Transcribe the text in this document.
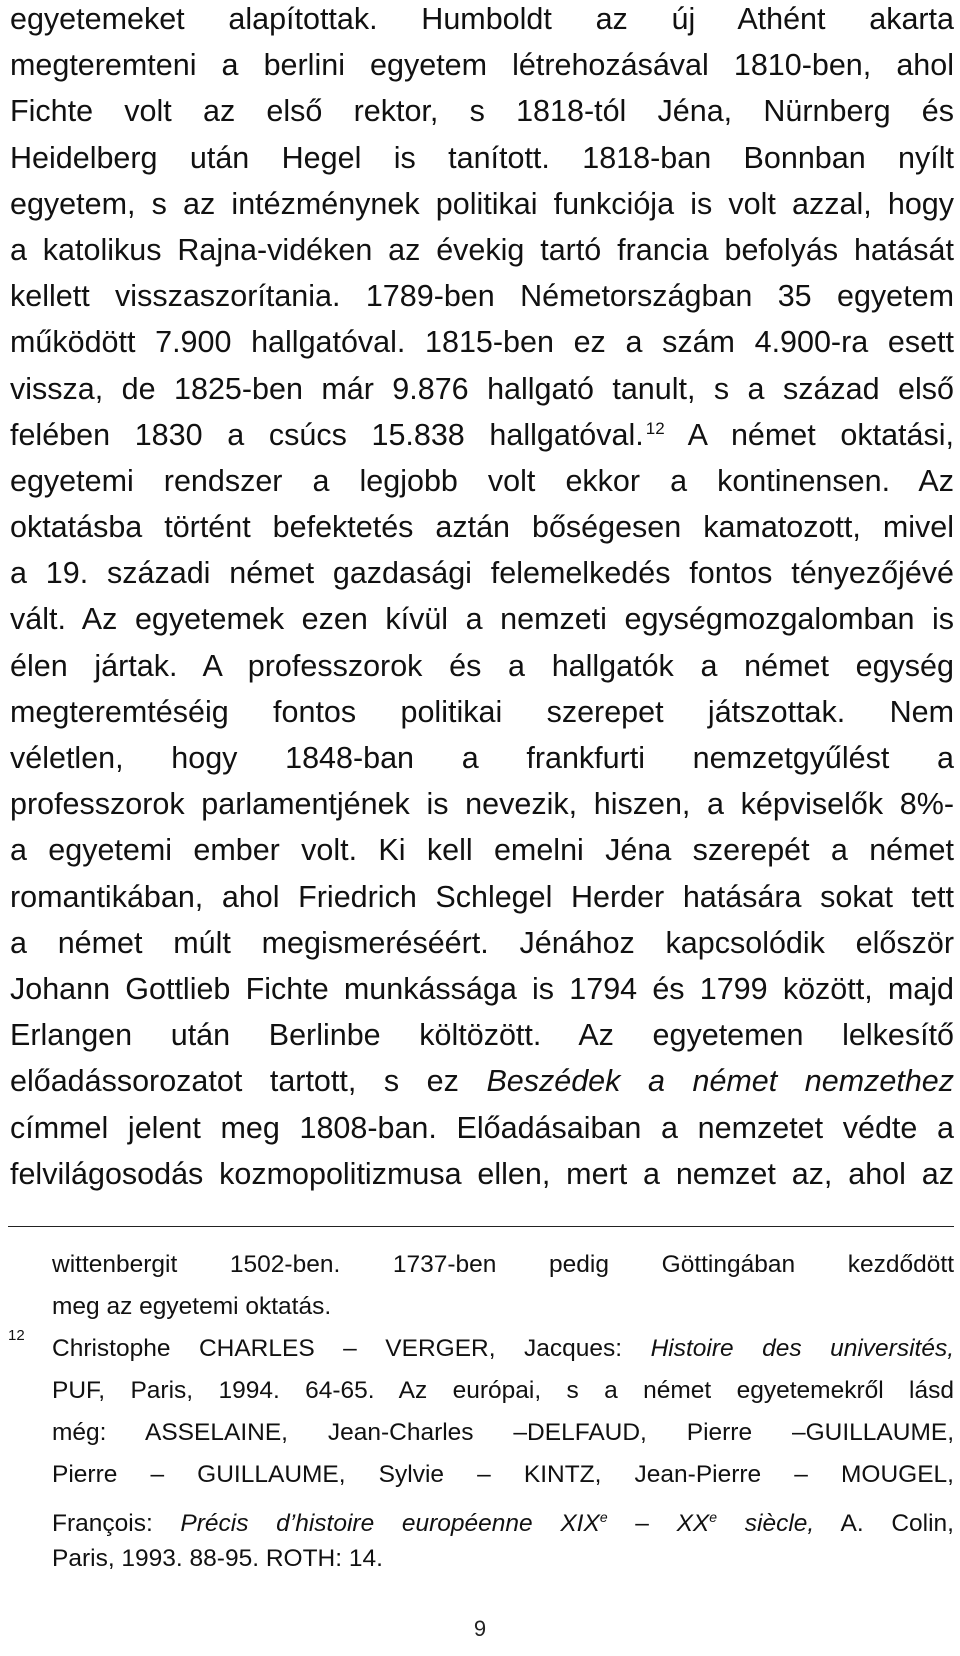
egyetemeket alapítottak. Humboldt az új Athént akarta
megteremteni a berlini egyetem létrehozásával 1810-ben, ahol
Fichte volt az első rektor, s 1818-tól Jéna, Nürnberg és
Heidelberg után Hegel is tanított. 1818-ban Bonnban nyílt
egyetem, s az intézménynek politikai funkciója is volt azzal, hogy
a katolikus Rajna-vidéken az évekig tartó francia befolyás hatását
kellett visszaszorítania. 1789-ben Németországban 35 egyetem
működött 7.900 hallgatóval. 1815-ben ez a szám 4.900-ra esett
vissza, de 1825-ben már 9.876 hallgató tanult, s a század első
felében 1830 a csúcs 15.838 hallgatóval. $^{12}$ A német oktatási,
egyetemi rendszer a legjobb volt ekkor a kontinensen. Az
oktatásba történt befektetés aztán bőségesen kamatozott, mivel
a 19. századi német gazdasági felemelkedés fontos tényezőjévé
vált. Az egyetemek ezen kívül a nemzeti egységmozgalomban is
élen jártak. A professzorok és a hallgatók a német egység
megteremtéséig fontos politikai szerepet játszottak. Nem
véletlen, hogy 1848-ban a frankfurti nemzetgyűlést a
professzorok parlamentjének is nevezik, hiszen, a képviselők 8%-
a egyetemi ember volt. Ki kell emelni Jéna szerepét a német
romantikában, ahol Friedrich Schlegel Herder hatására sokat tett
a német múlt megismeréséért. Jénához kapcsolódik először
Johann Gottlieb Fichte munkássága is 1794 és 1799 között, majd
Erlangen után Berlinbe költözött. Az egyetemen lelkesítő
előadássorozatot tartott, s ez Beszédek a német nemzethez
címmel jelent meg 1808-ban. Előadásaiban a nemzetet védte a
felvilágosodás kozmopolitizmusa ellen, mert a nemzet az, ahol az
wittenbergit 1502-ben. 1737-ben pedig Göttingában kezdődött
meg az egyetemi oktatás.
12 Christophe CHARLES – VERGER, Jacques: Histoire des universités,
PUF, Paris, 1994. 64-65. Az európai, s a német egyetemekről lásd
még: ASSELAINE, Jean-Charles –DELFAUD, Pierre –GUILLAUME,
Pierre – GUILLAUME, Sylvie – KINTZ, Jean-Pierre – MOUGEL,
François: Précis d’histoire européenne XIXe – XXe siècle, A. Colin,
Paris, 1993. 88-95. ROTH: 14.
9
